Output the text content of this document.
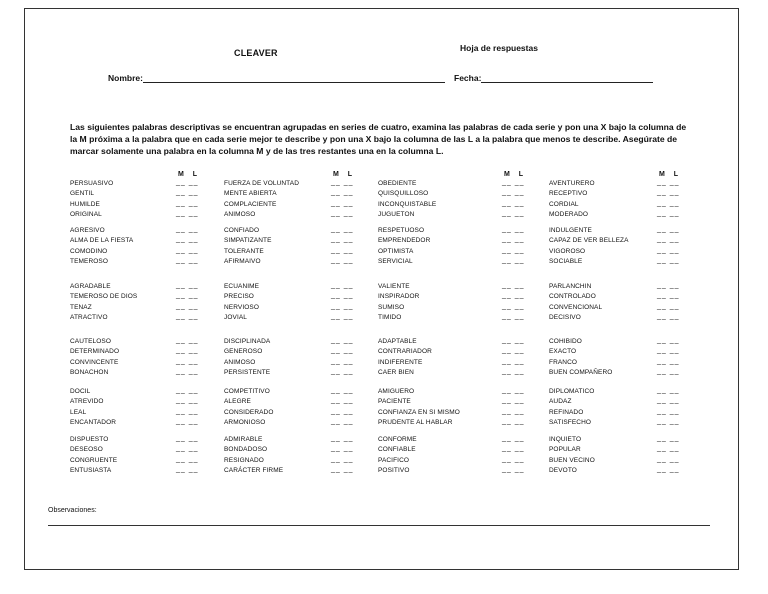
CLEAVER	Hoja de respuestas
Nombre:	Fecha:
Las siguientes palabras descriptivas se encuentran agrupadas en series de cuatro, examina las palabras de cada serie y pon una X bajo la columna de la M próxima a la palabra que en cada serie mejor te describe y pon una X bajo la columna de las L a la palabra que menos te describe. Asegúrate de marcar solamente una palabra en la columna M y de las tres restantes una en la columna L.
M L
PERSUASIVO	__ __
GENTIL	__ __
HUMILDE	__ __
ORIGINAL	__ __
AGRESIVO	__ __
ALMA DE LA FIESTA	__ __
COMODINO	__ __
TEMEROSO	__ __
AGRADABLE	__ __
TEMEROSO DE DIOS	__ __
TENAZ	__ __
ATRACTIVO	__ __
CAUTELOSO	__ __
DETERMINADO	__ __
CONVINCENTE	__ __
BONACHON	__ __
DOCIL	__ __
ATREVIDO	__ __
LEAL	__ __
ENCANTADOR	__ __
DISPUESTO	__ __
DESEOSO	__ __
CONGRUENTE	__ __
ENTUSIASTA	__ __
M L
FUERZA DE VOLUNTAD	__ __
MENTE ABIERTA	__ __
COMPLACIENTE	__ __
ANIMOSO	__ __
CONFIADO	__ __
SIMPATIZANTE	__ __
TOLERANTE	__ __
AFIRMAIVO	__ __
ECUANIME	__ __
PRECISO	__ __
NERVIOSO	__ __
JOVIAL	__ __
DISCIPLINADA	__ __
GENEROSO	__ __
ANIMOSO	__ __
PERSISTENTE	__ __
COMPETITIVO	__ __
ALEGRE	__ __
CONSIDERADO	__ __
ARMONIOSO	__ __
ADMIRABLE	__ __
BONDADOSO	__ __
RESIGNADO	__ __
CARÁCTER FIRME	__ __
M L
OBEDIENTE	__ __
QUISQUILLOSO	__ __
INCONQUISTABLE	__ __
JUGUETON	__ __
RESPETUOSO	__ __
EMPRENDEDOR	__ __
OPTIMISTA	__ __
SERVICIAL	__ __
VALIENTE	__ __
INSPIRADOR	__ __
SUMISO	__ __
TIMIDO	__ __
ADAPTABLE	__ __
CONTRARIADOR	__ __
INDIFERENTE	__ __
CAER BIEN	__ __
AMIGUERO	__ __
PACIENTE	__ __
CONFIANZA EN SI MISMO	__ __
PRUDENTE AL HABLAR	__ __
CONFORME	__ __
CONFIABLE	__ __
PACIFICO	__ __
POSITIVO	__ __
M L
AVENTURERO	__ __
RECEPTIVO	__ __
CORDIAL	__ __
MODERADO	__ __
INDULGENTE	__ __
CAPAZ DE VER BELLEZA	__ __
VIGOROSO	__ __
SOCIABLE	__ __
PARLANCHIN	__ __
CONTROLADO	__ __
CONVENCIONAL	__ __
DECISIVO	__ __
COHIBIDO	__ __
EXACTO	__ __
FRANCO	__ __
BUEN COMPAÑERO	__ __
DIPLOMATICO	__ __
AUDAZ	__ __
REFINADO	__ __
SATISFECHO	__ __
INQUIETO	__ __
POPULAR	__ __
BUEN VECINO	__ __
DEVOTO	__ __
Observaciones:
